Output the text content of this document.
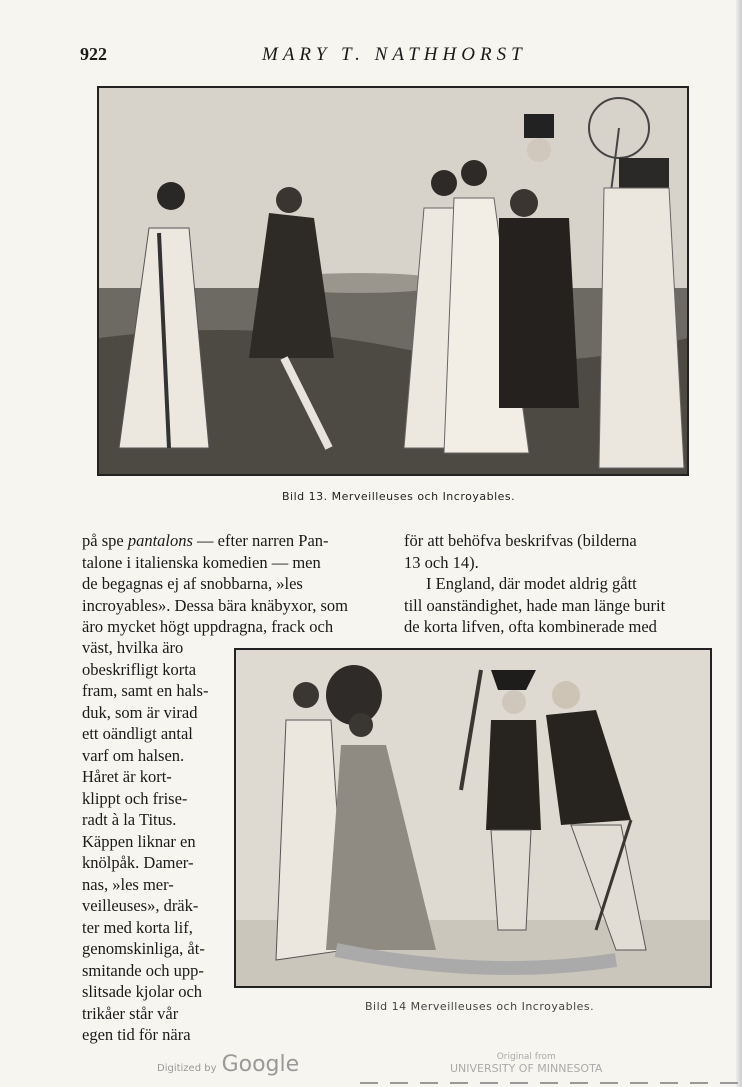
922	MARY T. NATHHORST
Bild 13. Merveilleuses och Incroyables.
på spe pantalons — efter narren Pan-
talone i italienska komedien — men
de begagnas ej af snobbarna, »les
incroyables». Dessa bära knäbyxor, som
äro mycket högt uppdragna, frack och
för att behöfva beskrifvas (bilderna
13 och 14).
I England, där modet aldrig gått
till oanständighet, hade man länge burit
de korta lifven, ofta kombinerade med
väst, hvilka äro
obeskrifligt korta
fram, samt en hals-
duk, som är virad
ett oändligt antal
varf om halsen.
Håret är kort-
klippt och frise-
radt à la Titus.
Käppen liknar en
knölpåk. Damer-
nas, »les mer-
veilleuses», dräk-
ter med korta lif,
genomskinliga, åt-
smitande och upp-
slitsade kjolar och
trikåer står vår
egen tid för nära
Bild 14 Merveilleuses och Incroyables.
Digitized by Google	Original from
UNIVERSITY OF MINNESOTA
